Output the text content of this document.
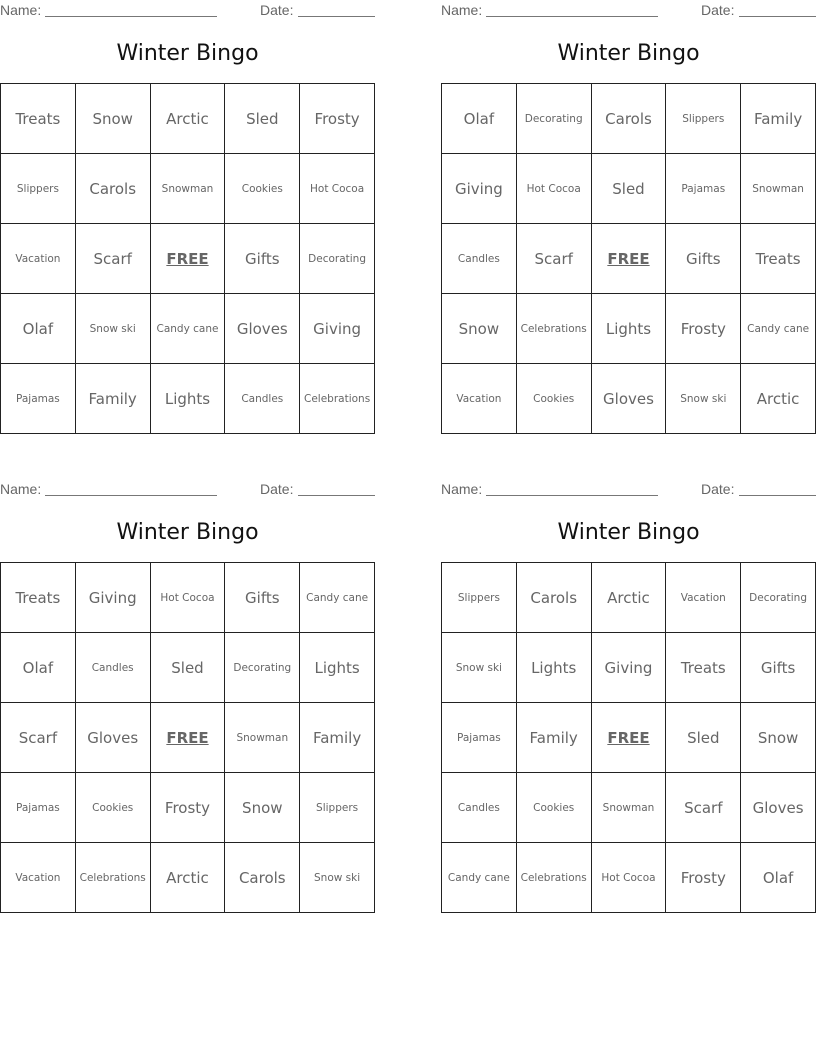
Name:	Date:
Winter Bingo
Treats	Snow	Arctic	Sled	Frosty
Slippers	Carols	Snowman	Cookies	Hot Cocoa
Vacation	Scarf	FREE	Gifts	Decorating
Olaf	Snow ski	Candy cane	Gloves	Giving
Pajamas	Family	Lights	Candles	Celebrations
Name:	Date:
Winter Bingo
Olaf	Decorating	Carols	Slippers	Family
Giving	Hot Cocoa	Sled	Pajamas	Snowman
Candles	Scarf	FREE	Gifts	Treats
Snow	Celebrations	Lights	Frosty	Candy cane
Vacation	Cookies	Gloves	Snow ski	Arctic
Name:	Date:
Winter Bingo
Treats	Giving	Hot Cocoa	Gifts	Candy cane
Olaf	Candles	Sled	Decorating	Lights
Scarf	Gloves	FREE	Snowman	Family
Pajamas	Cookies	Frosty	Snow	Slippers
Vacation	Celebrations	Arctic	Carols	Snow ski
Name:	Date:
Winter Bingo
Slippers	Carols	Arctic	Vacation	Decorating
Snow ski	Lights	Giving	Treats	Gifts
Pajamas	Family	FREE	Sled	Snow
Candles	Cookies	Snowman	Scarf	Gloves
Candy cane	Celebrations	Hot Cocoa	Frosty	Olaf
